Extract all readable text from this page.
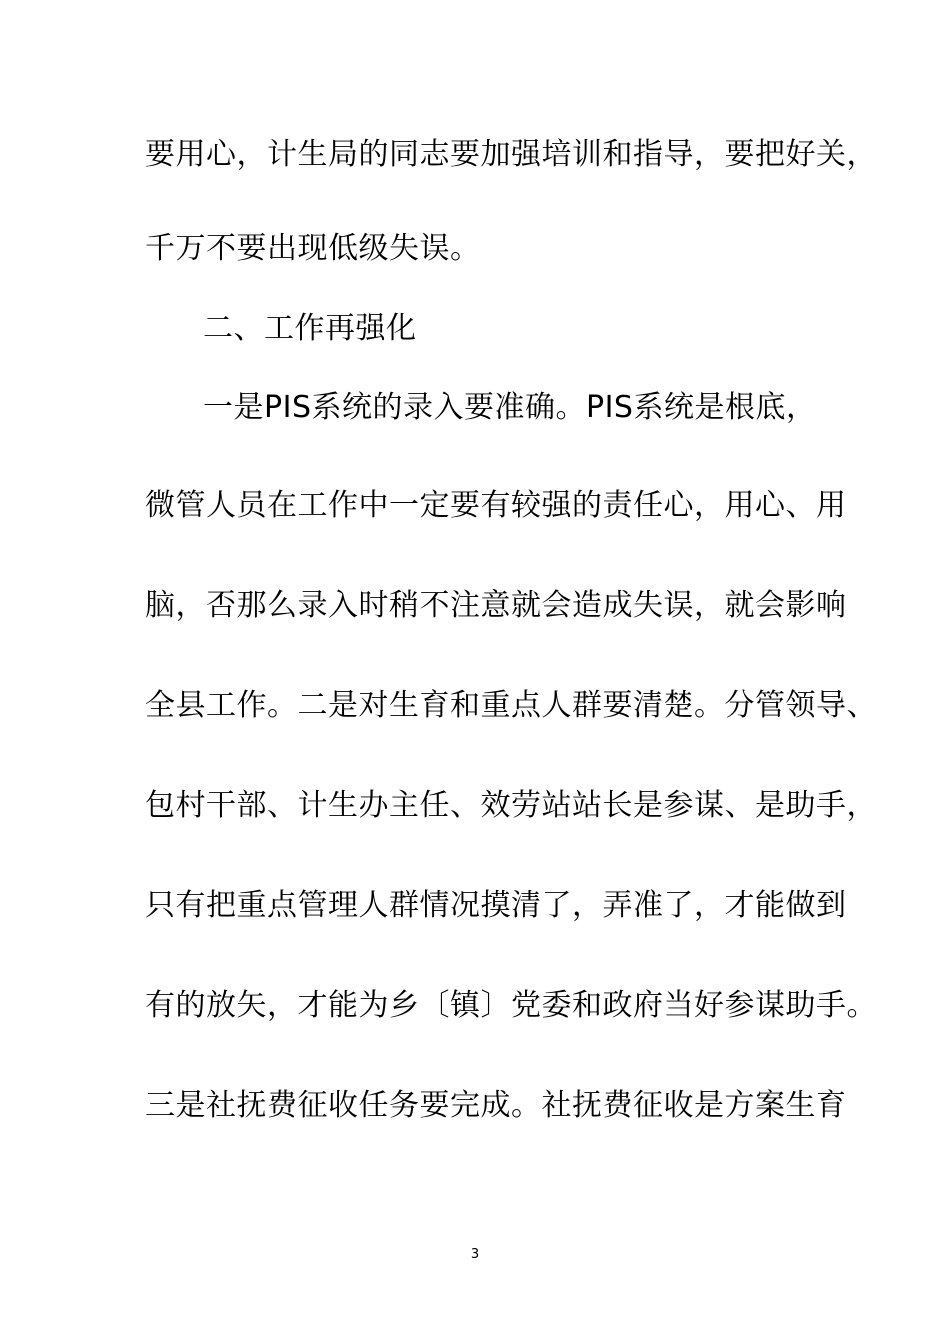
要用心，计生局的同志要加强培训和指导，要把好关，
千万不要出现低级失误。
二、工作再强化
一是PIS系统的录入要准确。PIS系统是根底，
微管人员在工作中一定要有较强的责任心，用心、用
脑，否那么录入时稍不注意就会造成失误，就会影响
全县工作。二是对生育和重点人群要清楚。分管领导、
包村干部、计生办主任、效劳站站长是参谋、是助手，
只有把重点管理人群情况摸清了，弄准了，才能做到
有的放矢，才能为乡〔镇〕党委和政府当好参谋助手。
三是社抚费征收任务要完成。社抚费征收是方案生育
3
